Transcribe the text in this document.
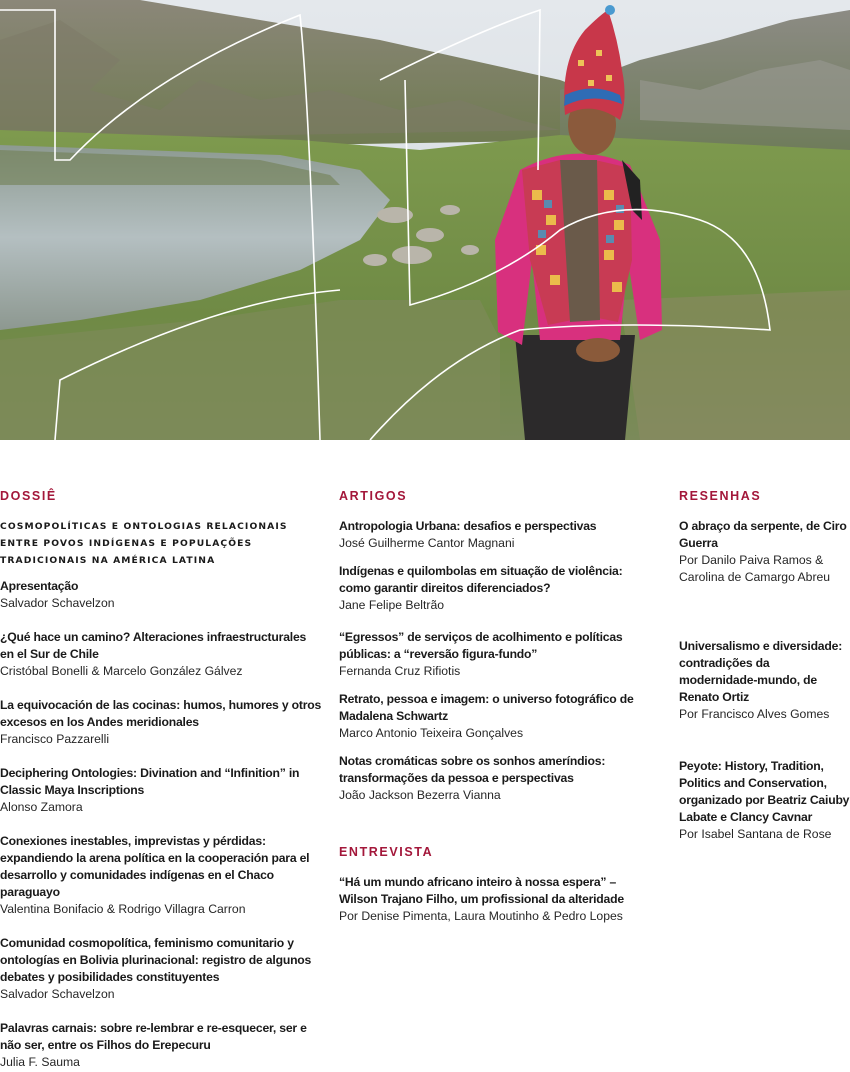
DOSSIÊ
COSMOPOLÍTICAS E ONTOLOGIAS RELACIONAIS ENTRE POVOS INDÍGENAS E POPULAÇÕES TRADICIONAIS NA AMÉRICA LATINA
Apresentação
Salvador Schavelzon
¿Qué hace un camino? Alteraciones infraestructurales en el Sur de Chile
Cristóbal Bonelli & Marcelo González Gálvez
La equivocación de las cocinas: humos, humores y otros excesos en los Andes meridionales
Francisco Pazzarelli
Deciphering Ontologies: Divination and “Infinition” in Classic Maya Inscriptions
Alonso Zamora
Conexiones inestables, imprevistas y pérdidas: expandiendo la arena política en la cooperación para el desarrollo y comunidades indígenas en el Chaco paraguayo
Valentina Bonifacio & Rodrigo Villagra Carron
Comunidad cosmopolítica, feminismo comunitario y ontologías en Bolivia plurinacional: registro de algunos debates y posibilidades constituyentes
Salvador Schavelzon
Palavras carnais: sobre re-lembrar e re-esquecer, ser e não ser, entre os Filhos do Erepecuru
Julia F. Sauma
ARTIGOS
Antropologia Urbana: desafios e perspectivas
José Guilherme Cantor Magnani
Indígenas e quilombolas em situação de violência: como garantir direitos diferenciados?
Jane Felipe Beltrão
“Egressos” de serviços de acolhimento e políticas públicas: a “reversão figura-fundo”
Fernanda Cruz Rifiotis
Retrato, pessoa e imagem: o universo fotográfico de Madalena Schwartz
Marco Antonio Teixeira Gonçalves
Notas cromáticas sobre os sonhos ameríndios: transformações da pessoa e perspectivas
João Jackson Bezerra Vianna
ENTREVISTA
“Há um mundo africano inteiro à nossa espera” – Wilson Trajano Filho, um profissional da alteridade
Por Denise Pimenta, Laura Moutinho & Pedro Lopes
RESENHAS
O abraço da serpente, de Ciro Guerra
Por Danilo Paiva Ramos & Carolina de Camargo Abreu
Universalismo e diversidade: contradições da modernidade-mundo, de Renato Ortiz
Por Francisco Alves Gomes
Peyote: History, Tradition, Politics and Conservation, organizado por Beatriz Caiuby Labate e Clancy Cavnar
Por Isabel Santana de Rose
